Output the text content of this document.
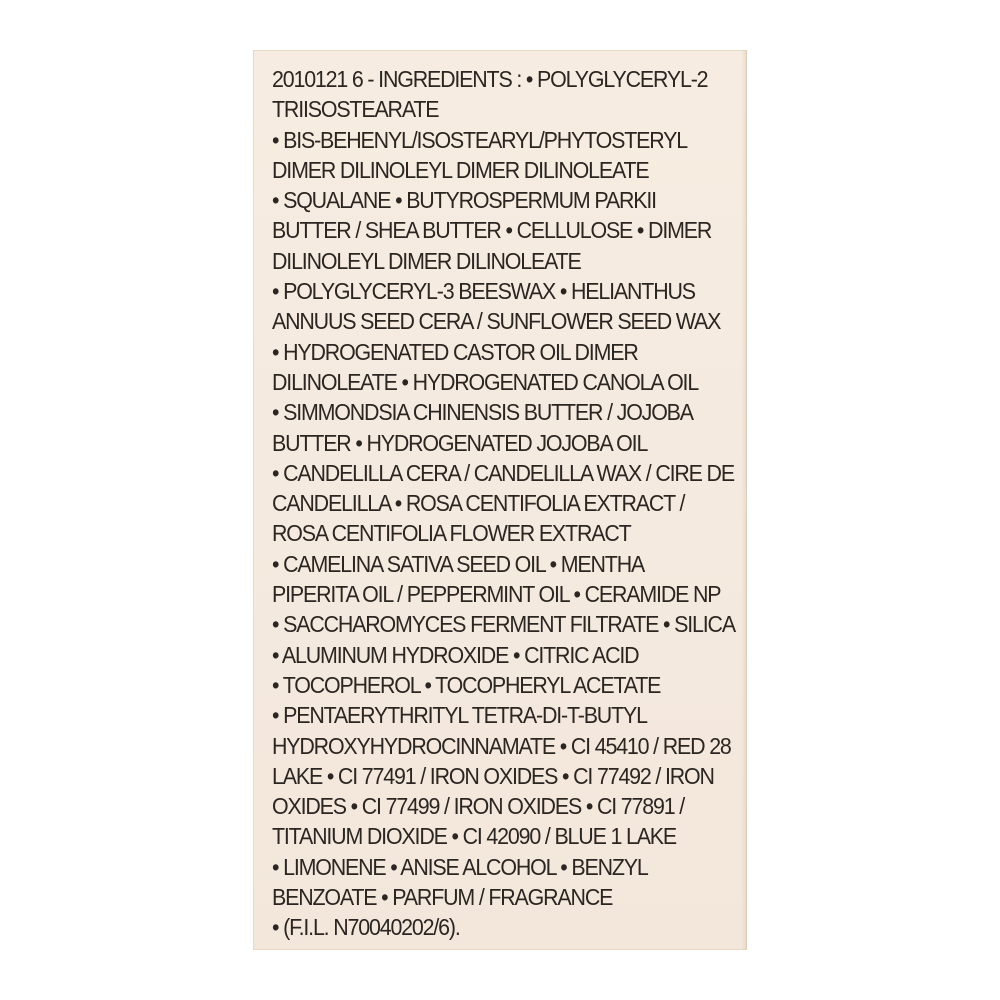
2010121 6 - INGREDIENTS : • POLYGLYCERYL-2
TRIISOSTEARATE
• BIS-BEHENYL/ISOSTEARYL/PHYTOSTERYL
DIMER DILINOLEYL DIMER DILINOLEATE
• SQUALANE • BUTYROSPERMUM PARKII
BUTTER / SHEA BUTTER • CELLULOSE • DIMER
DILINOLEYL DIMER DILINOLEATE
• POLYGLYCERYL-3 BEESWAX • HELIANTHUS
ANNUUS SEED CERA / SUNFLOWER SEED WAX
• HYDROGENATED CASTOR OIL DIMER
DILINOLEATE • HYDROGENATED CANOLA OIL
• SIMMONDSIA CHINENSIS BUTTER / JOJOBA
BUTTER • HYDROGENATED JOJOBA OIL
• CANDELILLA CERA / CANDELILLA WAX / CIRE DE
CANDELILLA • ROSA CENTIFOLIA EXTRACT /
ROSA CENTIFOLIA FLOWER EXTRACT
• CAMELINA SATIVA SEED OIL • MENTHA
PIPERITA OIL / PEPPERMINT OIL • CERAMIDE NP
• SACCHAROMYCES FERMENT FILTRATE • SILICA
• ALUMINUM HYDROXIDE • CITRIC ACID
• TOCOPHEROL • TOCOPHERYL ACETATE
• PENTAERYTHRITYL TETRA-DI-T-BUTYL
HYDROXYHYDROCINNAMATE • CI 45410 / RED 28
LAKE • CI 77491 / IRON OXIDES • CI 77492 / IRON
OXIDES • CI 77499 / IRON OXIDES • CI 77891 /
TITANIUM DIOXIDE • CI 42090 / BLUE 1 LAKE
• LIMONENE • ANISE ALCOHOL • BENZYL
BENZOATE • PARFUM / FRAGRANCE
• (F.I.L. N70040202/6).
